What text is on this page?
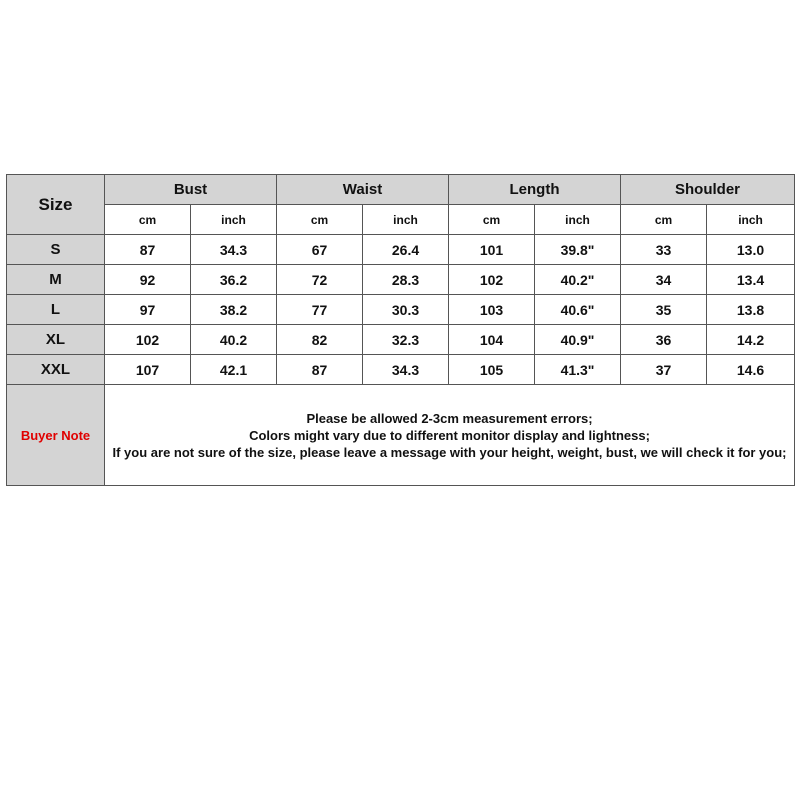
Size	Bust		Waist		Length		Shoulder	
	cm	inch	cm	inch	cm	inch	cm	inch
S	87	34.3	67	26.4	101	39.8"	33	13.0
M	92	36.2	72	28.3	102	40.2"	34	13.4
L	97	38.2	77	30.3	103	40.6"	35	13.8
XL	102	40.2	82	32.3	104	40.9"	36	14.2
XXL	107	42.1	87	34.3	105	41.3"	37	14.6
Buyer Note	Please be allowed 2-3cm measurement errors;
Colors might vary due to different monitor display and lightness;
If you are not sure of the size, please leave a message with your height, weight, bust, we will check it for you;							
